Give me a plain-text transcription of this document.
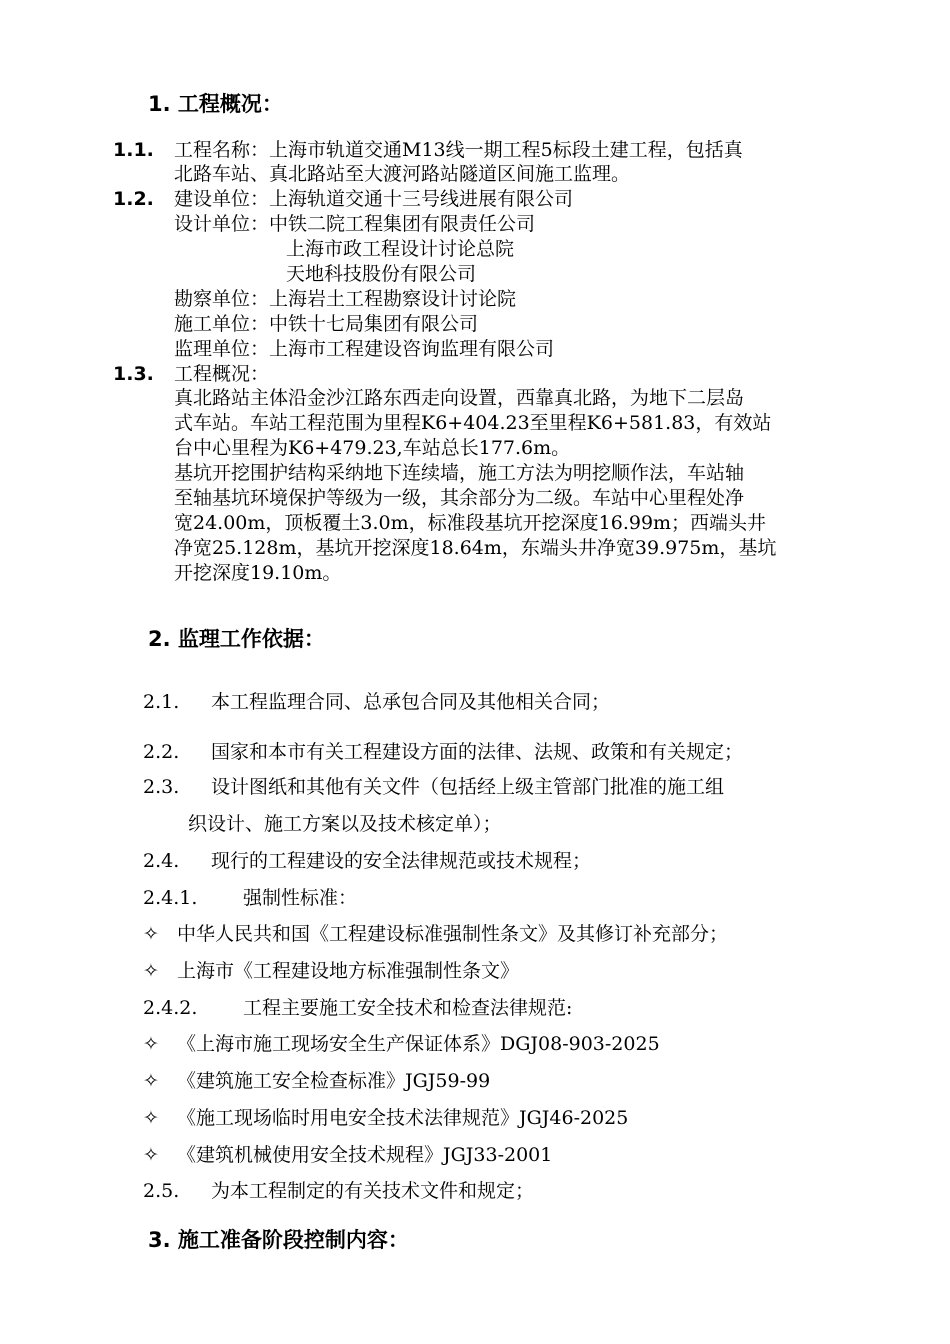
1. 工程概况：
1.1. 工程名称：上海市轨道交通M13线一期工程5标段土建工程，包括真
北路车站、真北路站至大渡河路站隧道区间施工监理。
1.2. 建设单位：上海轨道交通十三号线进展有限公司
设计单位：中铁二院工程集团有限责任公司
上海市政工程设计讨论总院
天地科技股份有限公司
勘察单位：上海岩土工程勘察设计讨论院
施工单位：中铁十七局集团有限公司
监理单位：上海市工程建设咨询监理有限公司
1.3. 工程概况：
真北路站主体沿金沙江路东西走向设置，西靠真北路，为地下二层岛
式车站。车站工程范围为里程K6+404.23至里程K6+581.83，有效站
台中心里程为K6+479.23,车站总长177.6m。
基坑开挖围护结构采纳地下连续墙，施工方法为明挖顺作法，车站轴
至轴基坑环境保护等级为一级，其余部分为二级。车站中心里程处净
宽24.00m，顶板覆土3.0m，标准段基坑开挖深度16.99m；西端头井
净宽25.128m，基坑开挖深度18.64m，东端头井净宽39.975m，基坑
开挖深度19.10m。
2. 监理工作依据：
2.1. 本工程监理合同、总承包合同及其他相关合同；
2.2. 国家和本市有关工程建设方面的法律、法规、政策和有关规定；
2.3. 设计图纸和其他有关文件（包括经上级主管部门批准的施工组
织设计、施工方案以及技术核定单）；
2.4. 现行的工程建设的安全法律规范或技术规程；
2.4.1. 强制性标准：
✧ 中华人民共和国《工程建设标准强制性条文》及其修订补充部分；
✧ 上海市《工程建设地方标准强制性条文》
2.4.2. 工程主要施工安全技术和检查法律规范:
✧ 《上海市施工现场安全生产保证体系》DGJ08-903-2025
✧ 《建筑施工安全检查标准》JGJ59-99
✧ 《施工现场临时用电安全技术法律规范》JGJ46-2025
✧ 《建筑机械使用安全技术规程》JGJ33-2001
2.5. 为本工程制定的有关技术文件和规定；
3. 施工准备阶段控制内容：
